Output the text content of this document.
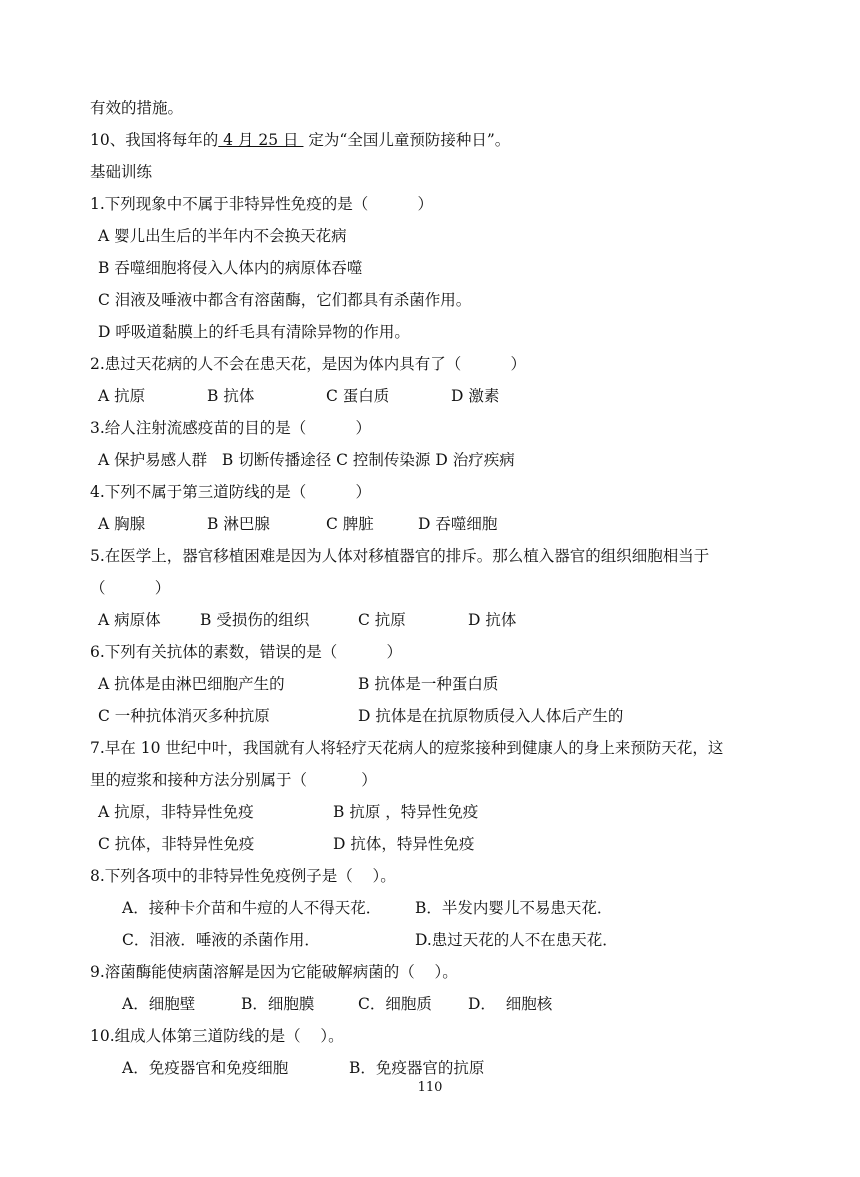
有效的措施。
10、我国将每年的 4 月 25 日  定为“全国儿童预防接种日”。
基础训练
1.下列现象中不属于非特异性免疫的是（          ）
A 婴儿出生后的半年内不会换天花病
B 吞噬细胞将侵入人体内的病原体吞噬
C 泪液及唾液中都含有溶菌酶，它们都具有杀菌作用。
D 呼吸道黏膜上的纤毛具有清除异物的作用。
2.患过天花病的人不会在患天花，是因为体内具有了（          ）
A 抗原	B 抗体	C 蛋白质	D 激素
3.给人注射流感疫苗的目的是（          ）
A 保护易感人群   B 切断传播途径 C 控制传染源 D 治疗疾病
4.下列不属于第三道防线的是（          ）
A 胸腺	B 淋巴腺	C 脾脏	D 吞噬细胞
5.在医学上，器官移植困难是因为人体对移植器官的排斥。那么植入器官的组织细胞相当于
（          ）
A 病原体	B 受损伤的组织	C 抗原	D 抗体
6.下列有关抗体的素数，错误的是（          ）
A 抗体是由淋巴细胞产生的	B 抗体是一种蛋白质
C 一种抗体消灭多种抗原	D 抗体是在抗原物质侵入人体后产生的
7.早在 10 世纪中叶，我国就有人将轻疗天花病人的痘浆接种到健康人的身上来预防天花，这
里的痘浆和接种方法分别属于（           ）
A 抗原，非特异性免疫	B 抗原 ，特异性免疫
C 抗体，非特异性免疫	D 抗体，特异性免疫
8.下列各项中的非特异性免疫例子是（    ）。
A．接种卡介苗和牛痘的人不得天花． B．半发内婴儿不易患天花．
C．泪液．唾液的杀菌作用．	D.患过天花的人不在患天花．
9.溶菌酶能使病菌溶解是因为它能破解病菌的（    ）。
A．细胞壁	B．细胞膜	C．细胞质 D．  细胞核
10.组成人体第三道防线的是（    ）。
A．免疫器官和免疫细胞	B．免疫器官的抗原
110
